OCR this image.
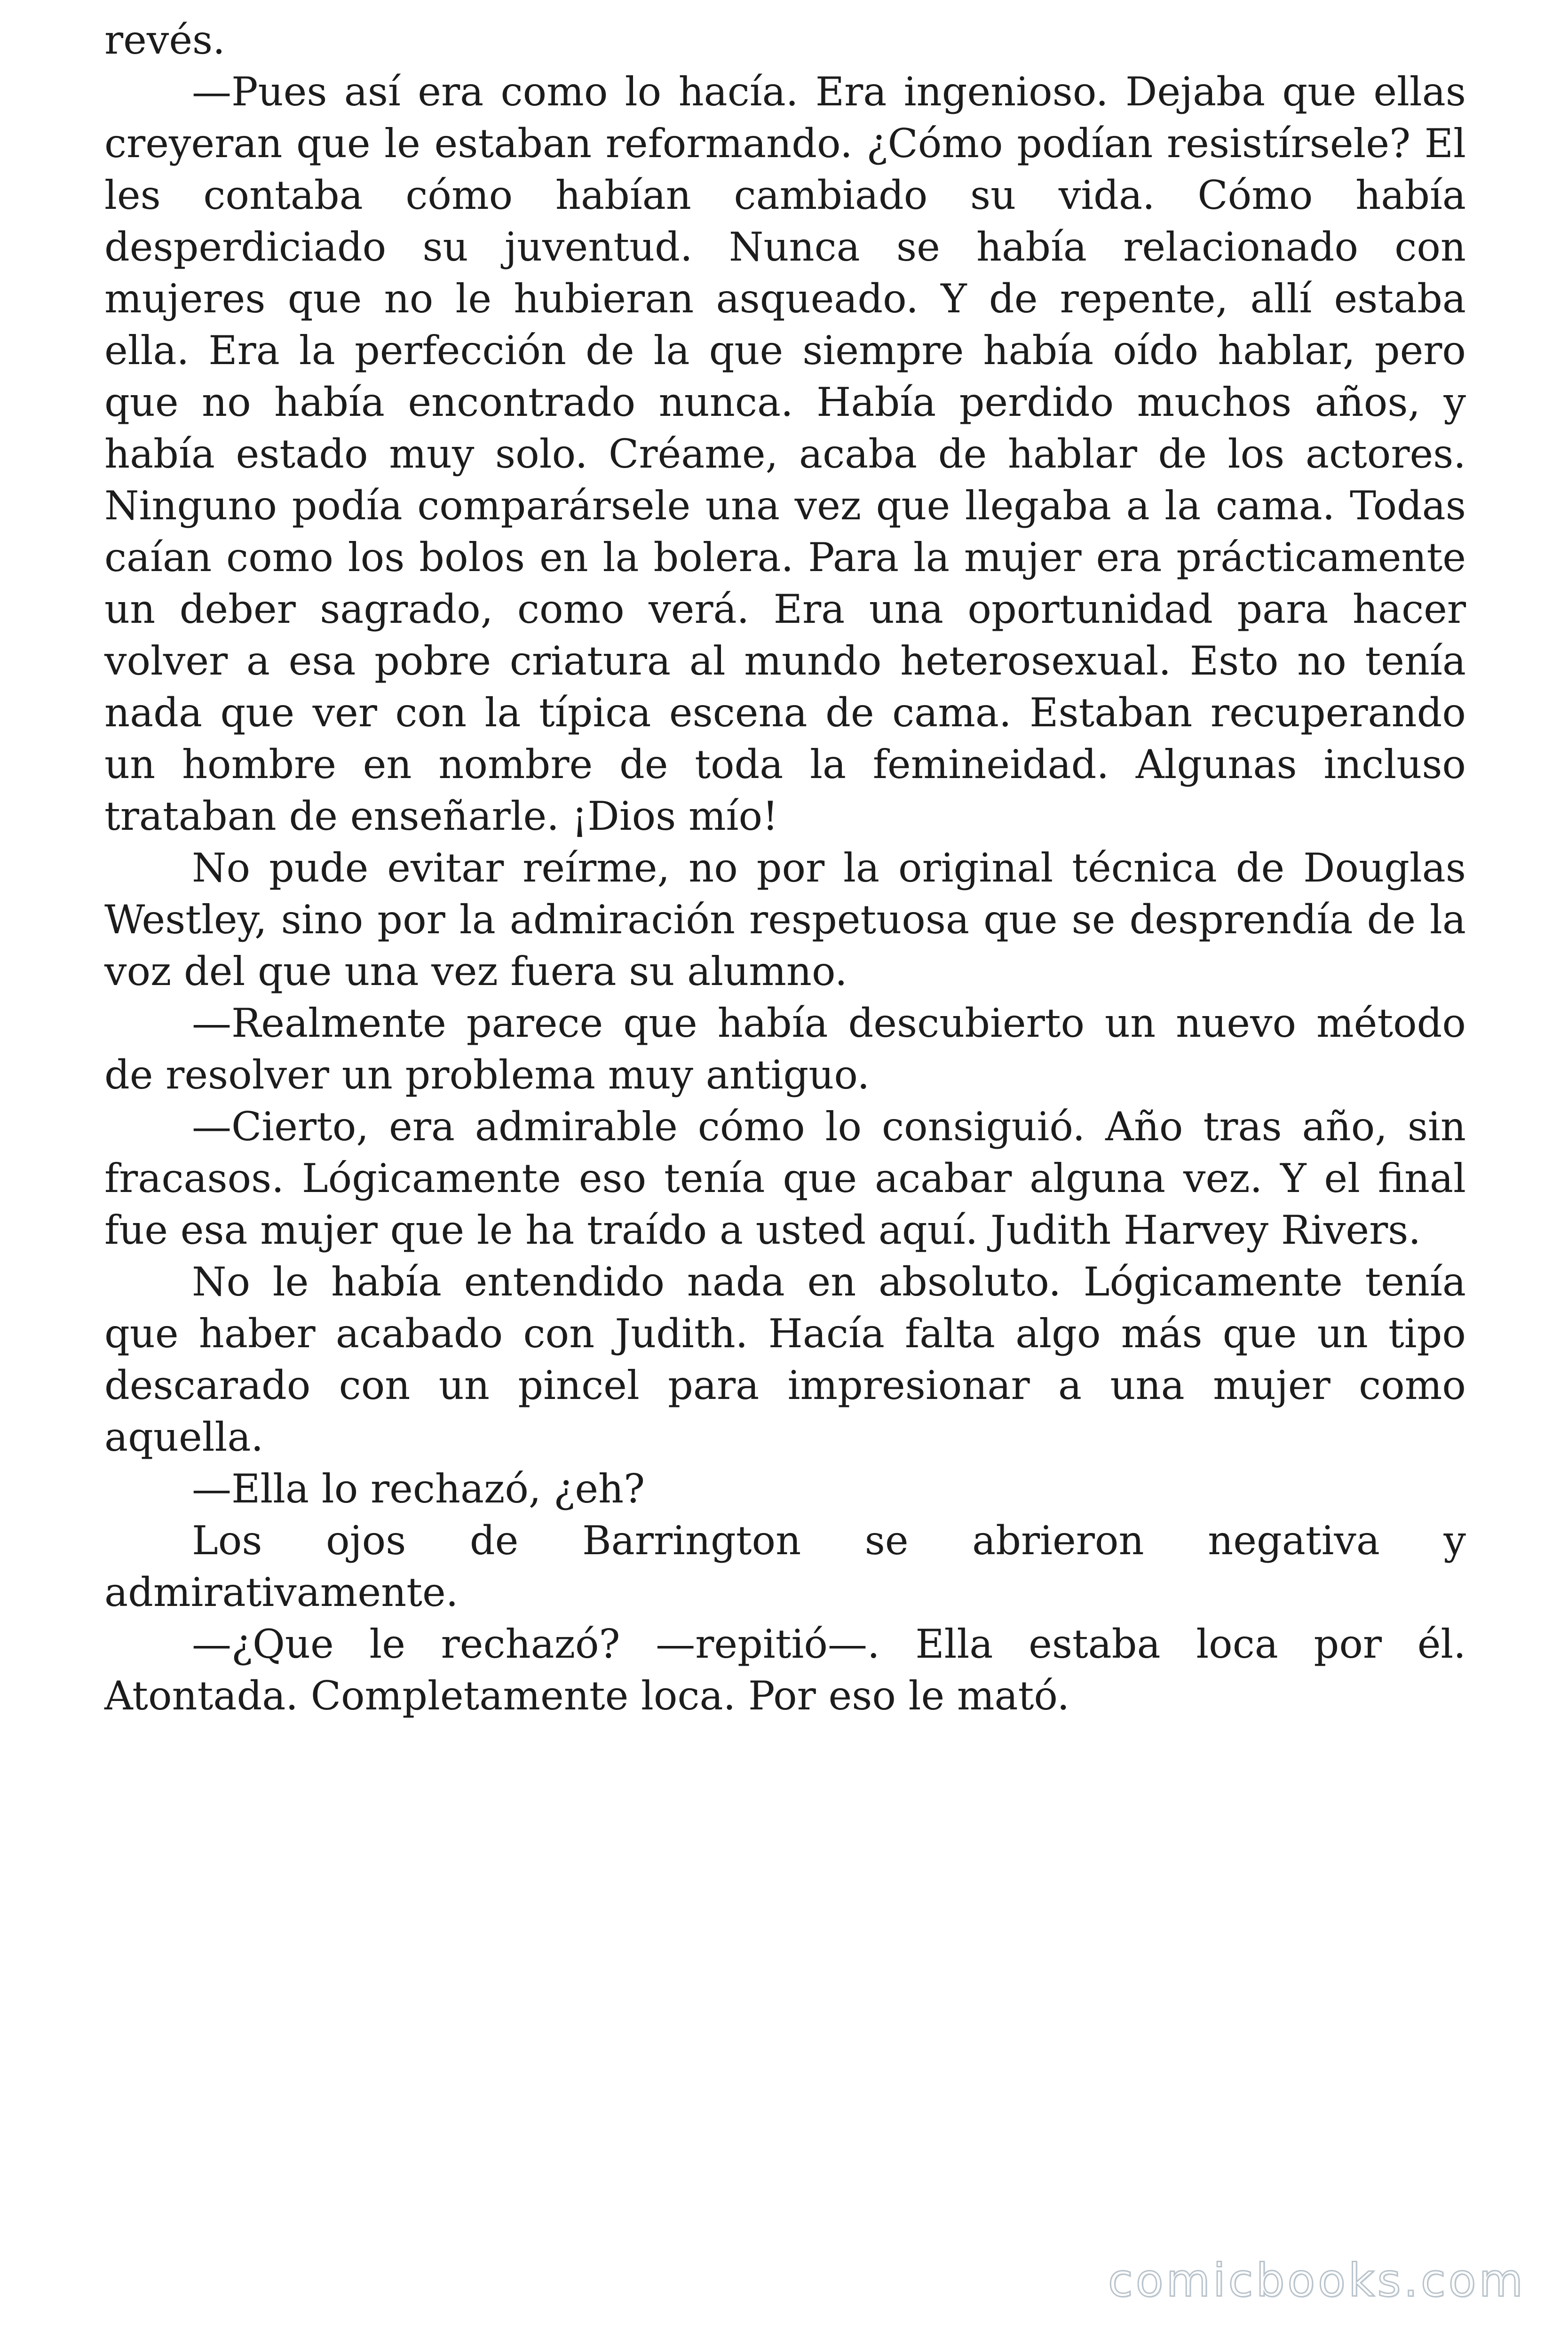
revés.

—Pues así era como lo hacía. Era ingenioso. Dejaba que ellas creyeran que le estaban reformando. ¿Cómo podían resistírsele? El les contaba cómo habían cambiado su vida. Cómo había desperdiciado su juventud. Nunca se había relacionado con mujeres que no le hubieran asqueado. Y de repente, allí estaba ella. Era la perfección de la que siempre había oído hablar, pero que no había encontrado nunca. Había perdido muchos años, y había estado muy solo. Créame, acaba de hablar de los actores. Ninguno podía comparársele una vez que llegaba a la cama. Todas caían como los bolos en la bolera. Para la mujer era prácticamente un deber sagrado, como verá. Era una oportunidad para hacer volver a esa pobre criatura al mundo heterosexual. Esto no tenía nada que ver con la típica escena de cama. Estaban recuperando un hombre en nombre de toda la femineidad. Algunas incluso trataban de enseñarle. ¡Dios mío!

No pude evitar reírme, no por la original técnica de Douglas Westley, sino por la admiración respetuosa que se desprendía de la voz del que una vez fuera su alumno.

—Realmente parece que había descubierto un nuevo método de resolver un problema muy antiguo.

—Cierto, era admirable cómo lo consiguió. Año tras año, sin fracasos. Lógicamente eso tenía que acabar alguna vez. Y el final fue esa mujer que le ha traído a usted aquí. Judith Harvey Rivers.

No le había entendido nada en absoluto. Lógicamente tenía que haber acabado con Judith. Hacía falta algo más que un tipo descarado con un pincel para impresionar a una mujer como aquella.

—Ella lo rechazó, ¿eh?

Los ojos de Barrington se abrieron negativa y admirativamente.

—¿Que le rechazó? —repitió—. Ella estaba loca por él. Atontada. Completamente loca. Por eso le mató.

comicbooks.com
